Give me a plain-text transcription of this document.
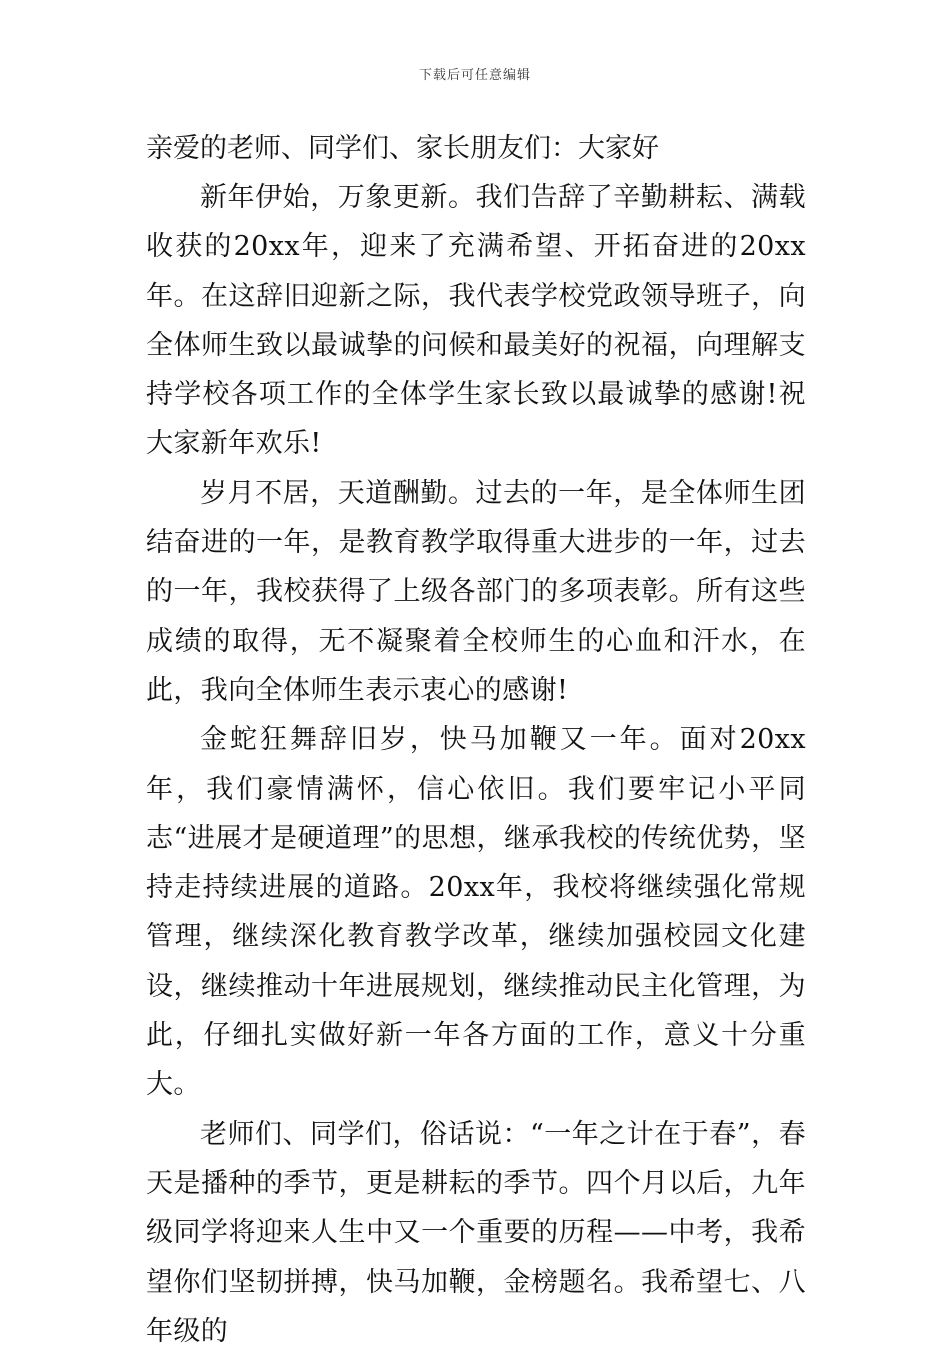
下载后可任意编辑

亲爱的老师、同学们、家长朋友们：大家好

新年伊始，万象更新。我们告辞了辛勤耕耘、满载收获的20xx年，迎来了充满希望、开拓奋进的20xx年。在这辞旧迎新之际，我代表学校党政领导班子，向全体师生致以最诚挚的问候和最美好的祝福，向理解支持学校各项工作的全体学生家长致以最诚挚的感谢!祝大家新年欢乐!

岁月不居，天道酬勤。过去的一年，是全体师生团结奋进的一年，是教育教学取得重大进步的一年，过去的一年，我校获得了上级各部门的多项表彰。所有这些成绩的取得，无不凝聚着全校师生的心血和汗水，在此，我向全体师生表示衷心的感谢!

金蛇狂舞辞旧岁，快马加鞭又一年。面对20xx年，我们豪情满怀，信心依旧。我们要牢记小平同志“进展才是硬道理”的思想，继承我校的传统优势，坚持走持续进展的道路。20xx年，我校将继续强化常规管理，继续深化教育教学改革，继续加强校园文化建设，继续推动十年进展规划，继续推动民主化管理，为此，仔细扎实做好新一年各方面的工作，意义十分重大。

老师们、同学们，俗话说：“一年之计在于春”，春天是播种的季节，更是耕耘的季节。四个月以后，九年级同学将迎来人生中又一个重要的历程——中考，我希望你们坚韧拼搏，快马加鞭，金榜题名。我希望七、八年级的
